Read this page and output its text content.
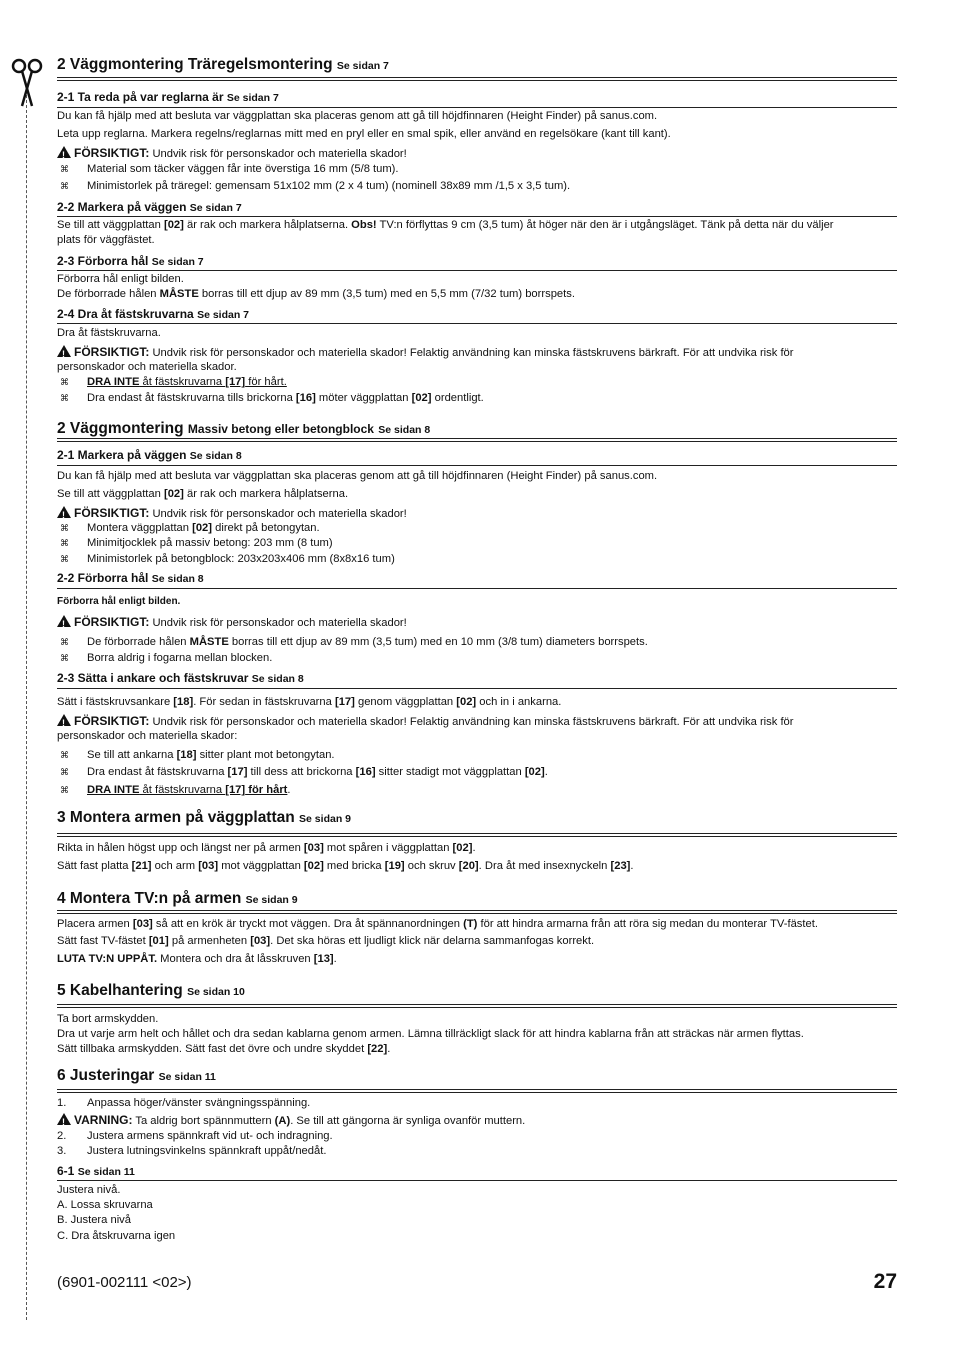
2 Väggmontering Träregelsmontering Se sidan 7
2-1 Ta reda på var reglarna är Se sidan 7
Du kan få hjälp med att besluta var väggplattan ska placeras genom att gå till höjdfinnaren (Height Finder) på sanus.com.
Leta upp reglarna. Markera regelns/reglarnas mitt med en pryl eller en smal spik, eller använd en regelsökare (kant till kant).
!FÖRSIKTIGT: Undvik risk för personskador och materiella skador!
⌘ Material som täcker väggen får inte överstiga 16 mm (5/8 tum).
⌘ Minimistorlek på träregel: gemensam 51x102 mm (2 x 4 tum) (nominell 38x89 mm /1,5 x 3,5 tum).
2-2 Markera på väggen Se sidan 7
Se till att väggplattan [02] är rak och markera hålplatserna. Obs! TV:n förflyttas 9 cm (3,5 tum) åt höger när den är i utgångsläget. Tänk på detta när du väljer
plats för väggfästet.
2-3 Förborra hål Se sidan 7
Förborra hål enligt bilden.
De förborrade hålen MÅSTE borras till ett djup av 89 mm (3,5 tum) med en 5,5 mm (7/32 tum) borrspets.
2-4 Dra åt fästskruvarna Se sidan 7
Dra åt fästskruvarna.
!FÖRSIKTIGT: Undvik risk för personskador och materiella skador! Felaktig användning kan minska fästskruvens bärkraft. För att undvika risk för
personskador och materiella skador.
⌘ DRA INTE åt fästskruvarna [17] för hårt.
⌘ Dra endast åt fästskruvarna tills brickorna [16] möter väggplattan [02] ordentligt.
2 Väggmontering Massiv betong eller betongblock Se sidan 8
2-1 Markera på väggen Se sidan 8
Du kan få hjälp med att besluta var väggplattan ska placeras genom att gå till höjdfinnaren (Height Finder) på sanus.com.
Se till att väggplattan [02] är rak och markera hålplatserna.
!FÖRSIKTIGT: Undvik risk för personskador och materiella skador!
⌘ Montera väggplattan [02] direkt på betongytan.
⌘ Minimitjocklek på massiv betong: 203 mm (8 tum)
⌘ Minimistorlek på betongblock: 203x203x406 mm (8x8x16 tum)
2-2 Förborra hål Se sidan 8
Förborra hål enligt bilden.
!FÖRSIKTIGT: Undvik risk för personskador och materiella skador!
⌘ De förborrade hålen MÅSTE borras till ett djup av 89 mm (3,5 tum) med en 10 mm (3/8 tum) diameters borrspets.
⌘ Borra aldrig i fogarna mellan blocken.
2-3 Sätta i ankare och fästskruvar Se sidan 8
Sätt i fästskruvsankare [18]. För sedan in fästskruvarna [17] genom väggplattan [02] och in i ankarna.
!FÖRSIKTIGT: Undvik risk för personskador och materiella skador! Felaktig användning kan minska fästskruvens bärkraft. För att undvika risk för
personskador och materiella skador:
⌘ Se till att ankarna [18] sitter plant mot betongytan.
⌘ Dra endast åt fästskruvarna [17] till dess att brickorna [16] sitter stadigt mot väggplattan [02].
⌘ DRA INTE åt fästskruvarna [17] för hårt.
3 Montera armen på väggplattan Se sidan 9
Rikta in hålen högst upp och längst ner på armen [03] mot spåren i väggplattan [02].
Sätt fast platta [21] och arm [03] mot väggplattan [02] med bricka [19] och skruv [20]. Dra åt med insexnyckeln [23].
4 Montera TV:n på armen Se sidan 9
Placera armen [03] så att en krök är tryckt mot väggen. Dra åt spännanordningen (T) för att hindra armarna från att röra sig medan du monterar TV-fästet.
Sätt fast TV-fästet [01] på armenheten [03]. Det ska höras ett ljudligt klick när delarna sammanfogas korrekt.
LUTA TV:N UPPÅT. Montera och dra åt låsskruven [13].
5 Kabelhantering Se sidan 10
Ta bort armskydden.
Dra ut varje arm helt och hållet och dra sedan kablarna genom armen. Lämna tillräckligt slack för att hindra kablarna från att sträckas när armen flyttas.
Sätt tillbaka armskydden. Sätt fast det övre och undre skyddet [22].
6 Justeringar Se sidan 11
1. Anpassa höger/vänster svängningsspänning.
!VARNING: Ta aldrig bort spännmuttern (A). Se till att gängorna är synliga ovanför muttern.
2. Justera armens spännkraft vid ut- och indragning.
3. Justera lutningsvinkelns spännkraft uppåt/nedåt.
6-1 Se sidan 11
Justera nivå.
A. Lossa skruvarna
B. Justera nivå
C. Dra åtskruvarna igen
(6901-002111 <02>)	27
